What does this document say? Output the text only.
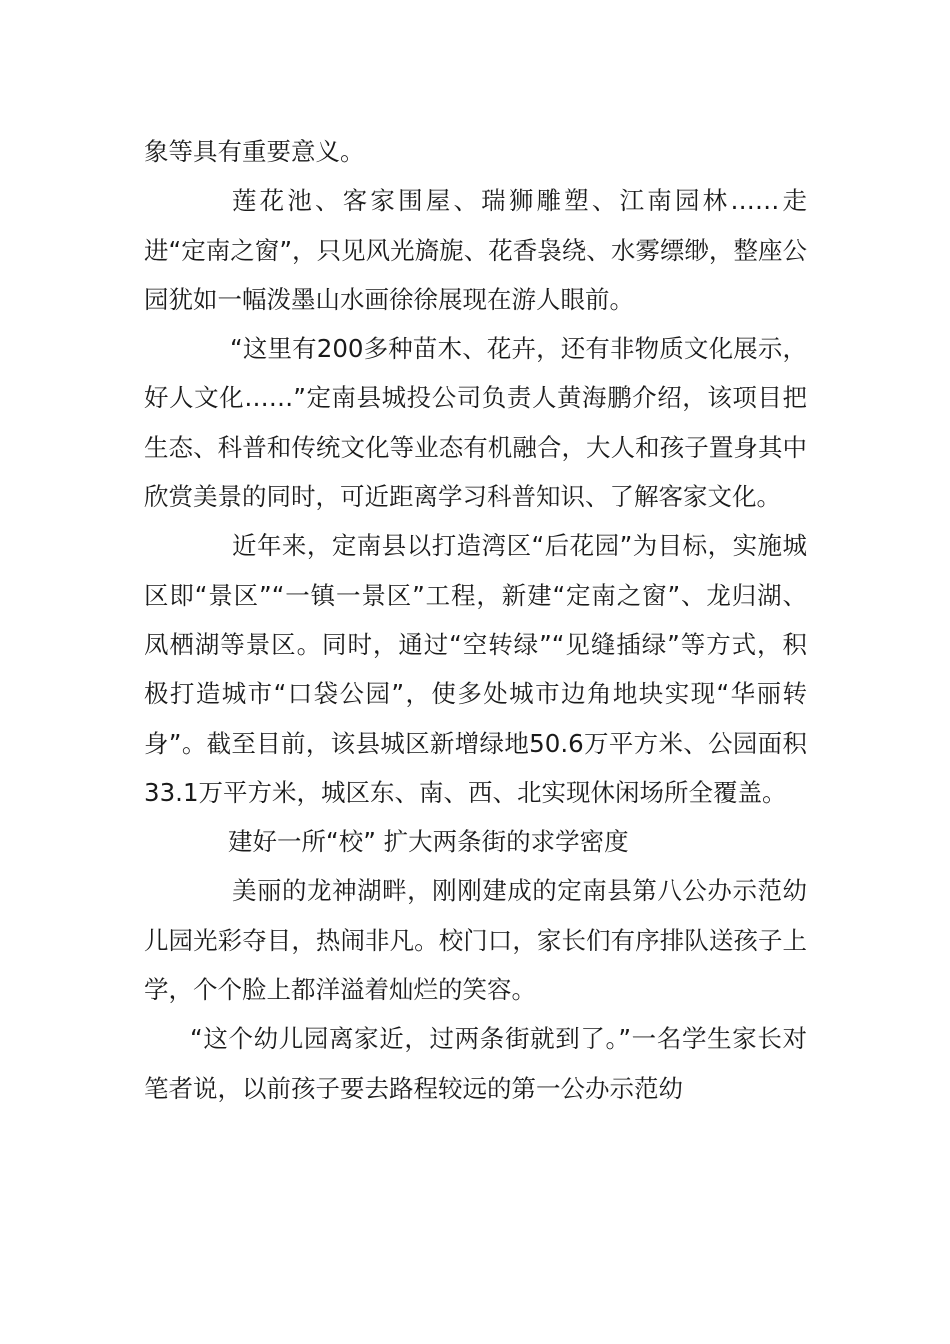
象等具有重要意义。

莲花池、客家围屋、瑞狮雕塑、江南园林……走进“定南之窗”，只见风光旖旎、花香袅绕、水雾缥缈，整座公园犹如一幅泼墨山水画徐徐展现在游人眼前。

“这里有200多种苗木、花卉，还有非物质文化展示，好人文化……”定南县城投公司负责人黄海鹏介绍，该项目把生态、科普和传统文化等业态有机融合，大人和孩子置身其中欣赏美景的同时，可近距离学习科普知识、了解客家文化。

近年来，定南县以打造湾区“后花园”为目标，实施城区即“景区”“一镇一景区”工程，新建“定南之窗”、龙归湖、凤栖湖等景区。同时，通过“空转绿”“见缝插绿”等方式，积极打造城市“口袋公园”，使多处城市边角地块实现“华丽转身”。截至目前，该县城区新增绿地50.6万平方米、公园面积33.1万平方米，城区东、南、西、北实现休闲场所全覆盖。

建好一所“校” 扩大两条街的求学密度

美丽的龙神湖畔，刚刚建成的定南县第八公办示范幼儿园光彩夺目，热闹非凡。校门口，家长们有序排队送孩子上学，个个脸上都洋溢着灿烂的笑容。

“这个幼儿园离家近，过两条街就到了。”一名学生家长对笔者说，以前孩子要去路程较远的第一公办示范幼
